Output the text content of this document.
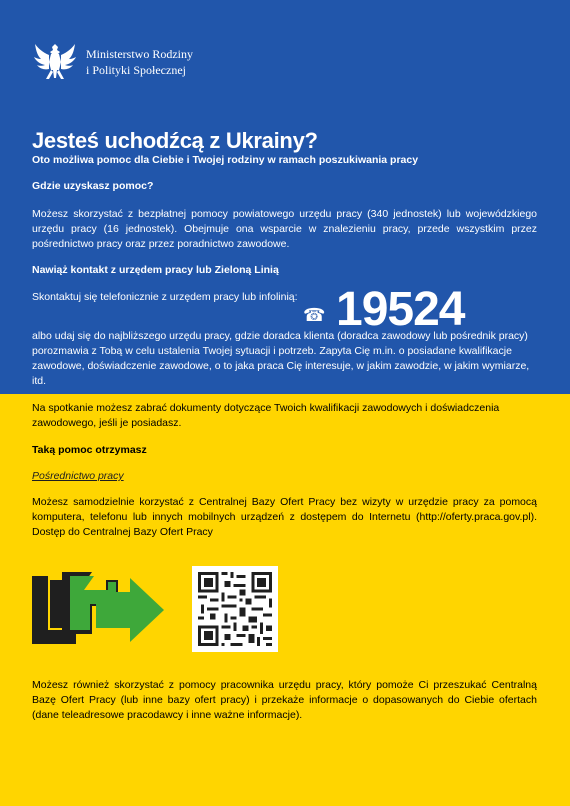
Ministerstwo Rodziny
i Polityki Społecznej
Jesteś uchodźcą z Ukrainy?
Oto możliwa pomoc dla Ciebie i Twojej rodziny w ramach poszukiwania pracy
Gdzie uzyskasz pomoc?
Możesz skorzystać z bezpłatnej pomocy powiatowego urzędu pracy (340 jednostek) lub wojewódzkiego urzędu pracy (16 jednostek). Obejmuje ona wsparcie w znalezieniu pracy, przede wszystkim przez pośrednictwo pracy oraz przez poradnictwo zawodowe.
Nawiąż kontakt z urzędem pracy lub Zieloną Linią
Skontaktuj się telefonicznie z urzędem pracy lub infolinią:
☎ 19524
albo udaj się do najbliższego urzędu pracy, gdzie doradca klienta (doradca zawodowy lub pośrednik pracy) porozmawia z Tobą w celu ustalenia Twojej sytuacji i potrzeb. Zapyta Cię m.in. o posiadane kwalifikacje zawodowe, doświadczenie zawodowe, o to jaka praca Cię interesuje, w jakim zawodzie, w jakim wymiarze, itd.
Na spotkanie możesz zabrać dokumenty dotyczące Twoich kwalifikacji zawodowych i doświadczenia zawodowego, jeśli je posiadasz.
Taką pomoc otrzymasz
Pośrednictwo pracy
Możesz samodzielnie korzystać z Centralnej Bazy Ofert Pracy bez wizyty w urzędzie pracy za pomocą komputera, telefonu lub innych mobilnych urządzeń z dostępem do Internetu (http://oferty.praca.gov.pl). Dostęp do Centralnej Bazy Ofert Pracy
Możesz również skorzystać z pomocy pracownika urzędu pracy, który pomoże Ci przeszukać Centralną Bazę Ofert Pracy (lub inne bazy ofert pracy) i przekaże informacje o dopasowanych do Ciebie ofertach (dane teleadresowe pracodawcy i inne ważne informacje).
